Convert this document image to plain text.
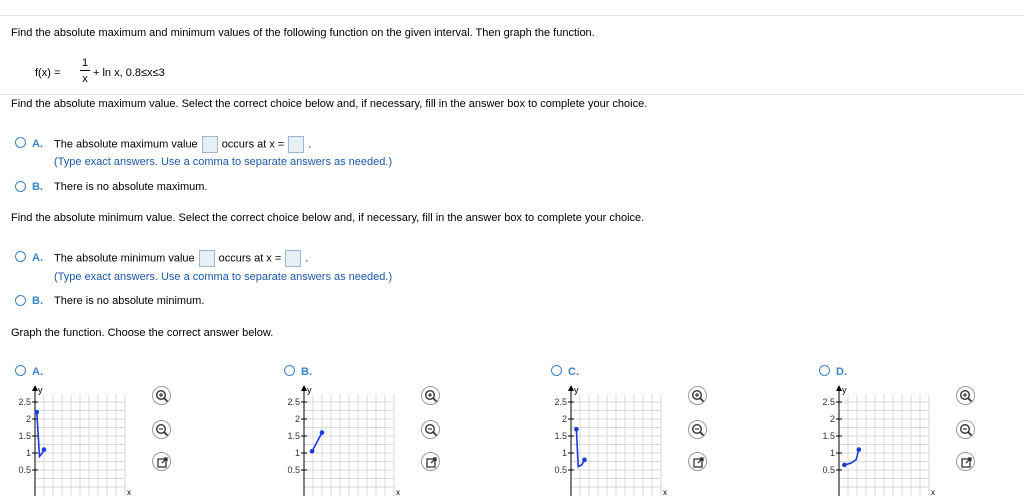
Find the absolute maximum and minimum values of the following function on the given interval. Then graph the function.
f(x) =
1
x + ln x, 0.8≤x≤3
Find the absolute maximum value. Select the correct choice below and, if necessary, fill in the answer box to complete your choice.
A. The absolute maximum value occurs at x = .
(Type exact answers. Use a comma to separate answers as needed.)
B. There is no absolute maximum.
Find the absolute minimum value. Select the correct choice below and, if necessary, fill in the answer box to complete your choice.
A. The absolute minimum value occurs at x = .
(Type exact answers. Use a comma to separate answers as needed.)
B. There is no absolute minimum.
Graph the function. Choose the correct answer below.
A.
y
x
2.5
2
1.5
1
0.5
B.
y
x
2.5
2
1.5
1
0.5
C.
y
x
2.5
2
1.5
1
0.5
D.
y
x
2.5
2
1.5
1
0.5
